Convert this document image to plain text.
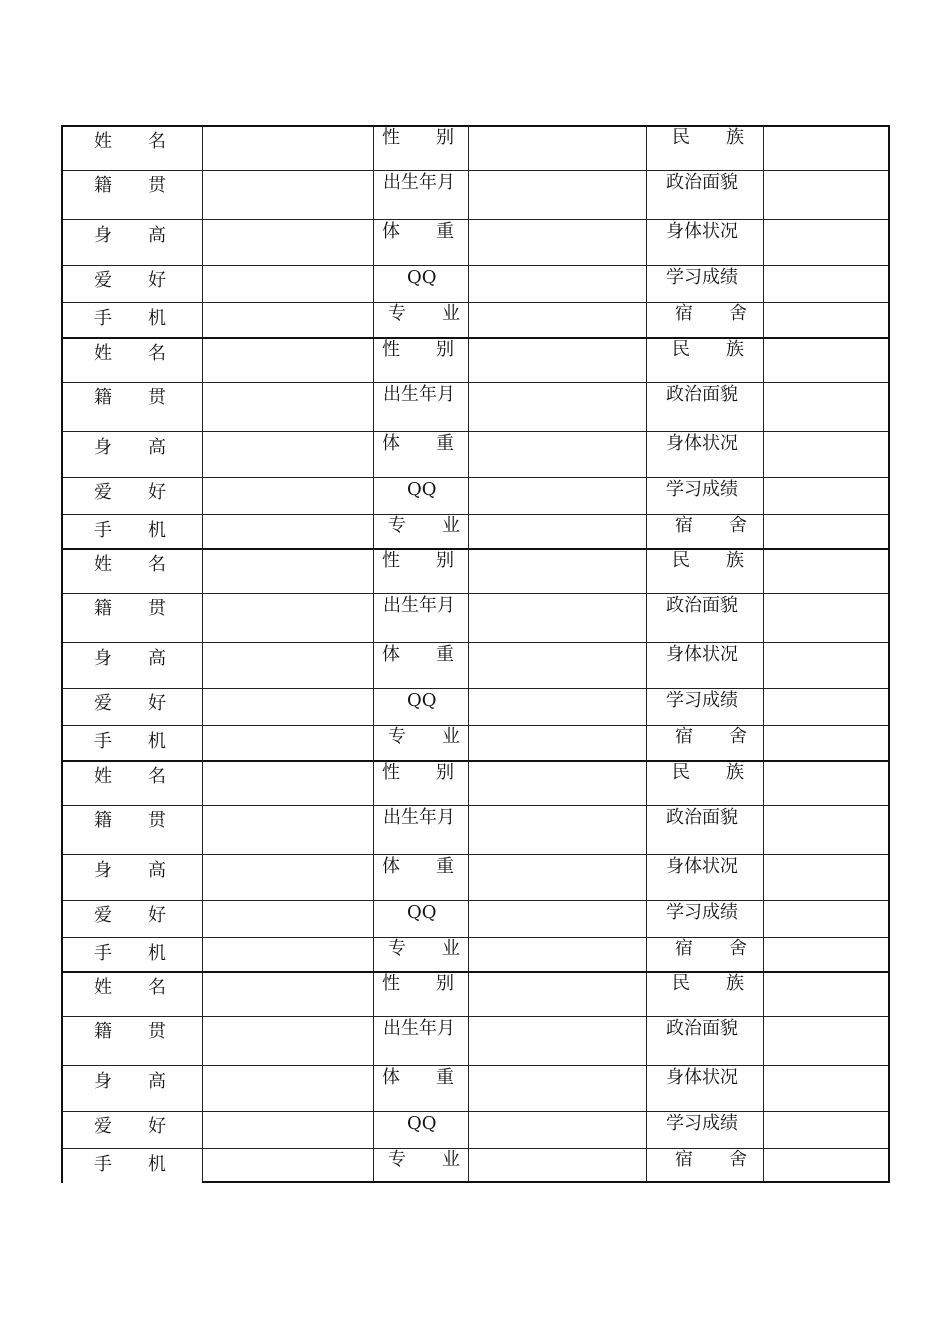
姓　　名	性　　别	民　　族
籍　　贯	出生年月	政治面貌
身　　高	体　　重	身体状况
爱　　好	QQ	学习成绩
手　　机	专　　业	宿　　舍
姓　　名	性　　别	民　　族
籍　　贯	出生年月	政治面貌
身　　高	体　　重	身体状况
爱　　好	QQ	学习成绩
手　　机	专　　业	宿　　舍
姓　　名	性　　别	民　　族
籍　　贯	出生年月	政治面貌
身　　高	体　　重	身体状况
爱　　好	QQ	学习成绩
手　　机	专　　业	宿　　舍
姓　　名	性　　别	民　　族
籍　　贯	出生年月	政治面貌
身　　高	体　　重	身体状况
爱　　好	QQ	学习成绩
手　　机	专　　业	宿　　舍
姓　　名	性　　别	民　　族
籍　　贯	出生年月	政治面貌
身　　高	体　　重	身体状况
爱　　好	QQ	学习成绩
手　　机	专　　业	宿　　舍
